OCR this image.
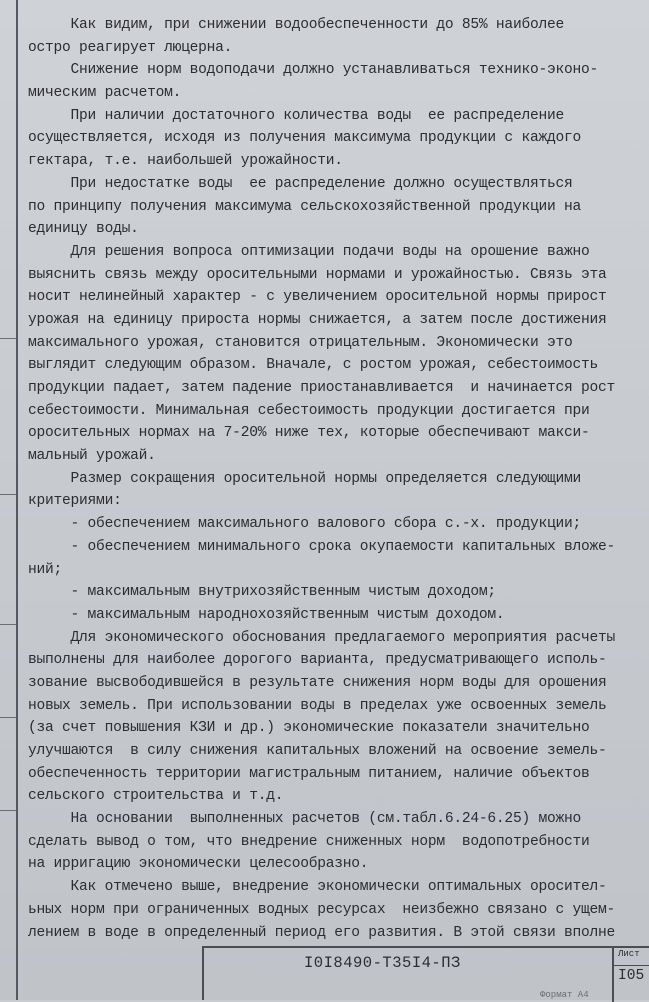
Как видим, при снижении водообеспеченности до 85% наиболее
остро реагирует люцерна.
Снижение норм водоподачи должно устанавливаться технико-эконо-
мическим расчетом.
При наличии достаточного количества воды  ее распределение
осуществляется, исходя из получения максимума продукции с каждого
гектара, т.е. наибольшей урожайности.
При недостатке воды  ее распределение должно осуществляться
по принципу получения максимума сельскохозяйственной продукции на
единицу воды.
Для решения вопроса оптимизации подачи воды на орошение важно
выяснить связь между оросительными нормами и урожайностью. Связь эта
носит нелинейный характер - с увеличением оросительной нормы прирост
урожая на единицу прироста нормы снижается, а затем после достижения
максимального урожая, становится отрицательным. Экономически это
выглядит следующим образом. Вначале, с ростом урожая, себестоимость
продукции падает, затем падение приостанавливается  и начинается рост
себестоимости. Минимальная себестоимость продукции достигается при
оросительных нормах на 7-20% ниже тех, которые обеспечивают макси-
мальный урожай.
Размер сокращения оросительной нормы определяется следующими
критериями:
- обеспечением максимального валового сбора с.-х. продукции;
- обеспечением минимального срока окупаемости капитальных вложе-
ний;
- максимальным внутрихозяйственным чистым доходом;
- максимальным народнохозяйственным чистым доходом.
Для экономического обоснования предлагаемого мероприятия расчеты
выполнены для наиболее дорогого варианта, предусматривающего исполь-
зование высвободившейся в результате снижения норм воды для орошения
новых земель. При использовании воды в пределах уже освоенных земель
(за счет повышения КЗИ и др.) экономические показатели значительно
улучшаются  в силу снижения капитальных вложений на освоение земель-
обеспеченность территории магистральным питанием, наличие объектов
сельского строительства и т.д.
На основании  выполненных расчетов (см.табл.6.24-6.25) можно
сделать вывод о том, что внедрение сниженных норм  водопотребности
на ирригацию экономически целесообразно.
Как отмечено выше, внедрение экономически оптимальных оросител-
ьных норм при ограниченных водных ресурсах  неизбежно связано с ущем-
лением в воде в определенный период его развития. В этой связи вполне
I0I8490-Т35I4-ПЗ	Лист
I05
Формат А4
